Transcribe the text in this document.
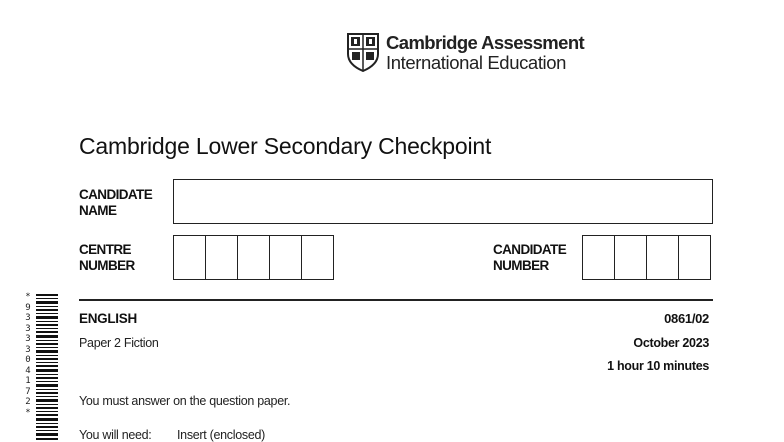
Cambridge Assessment
International Education
Cambridge Lower Secondary Checkpoint
CANDIDATE
NAME
CENTRE
NUMBER
CANDIDATE
NUMBER
ENGLISH
Paper 2 Fiction
0861/02
October 2023
1 hour 10 minutes
You must answer on the question paper.
You will need: Insert (enclosed)
*
9
3
3
3
3
0
4
1
7
2
*
